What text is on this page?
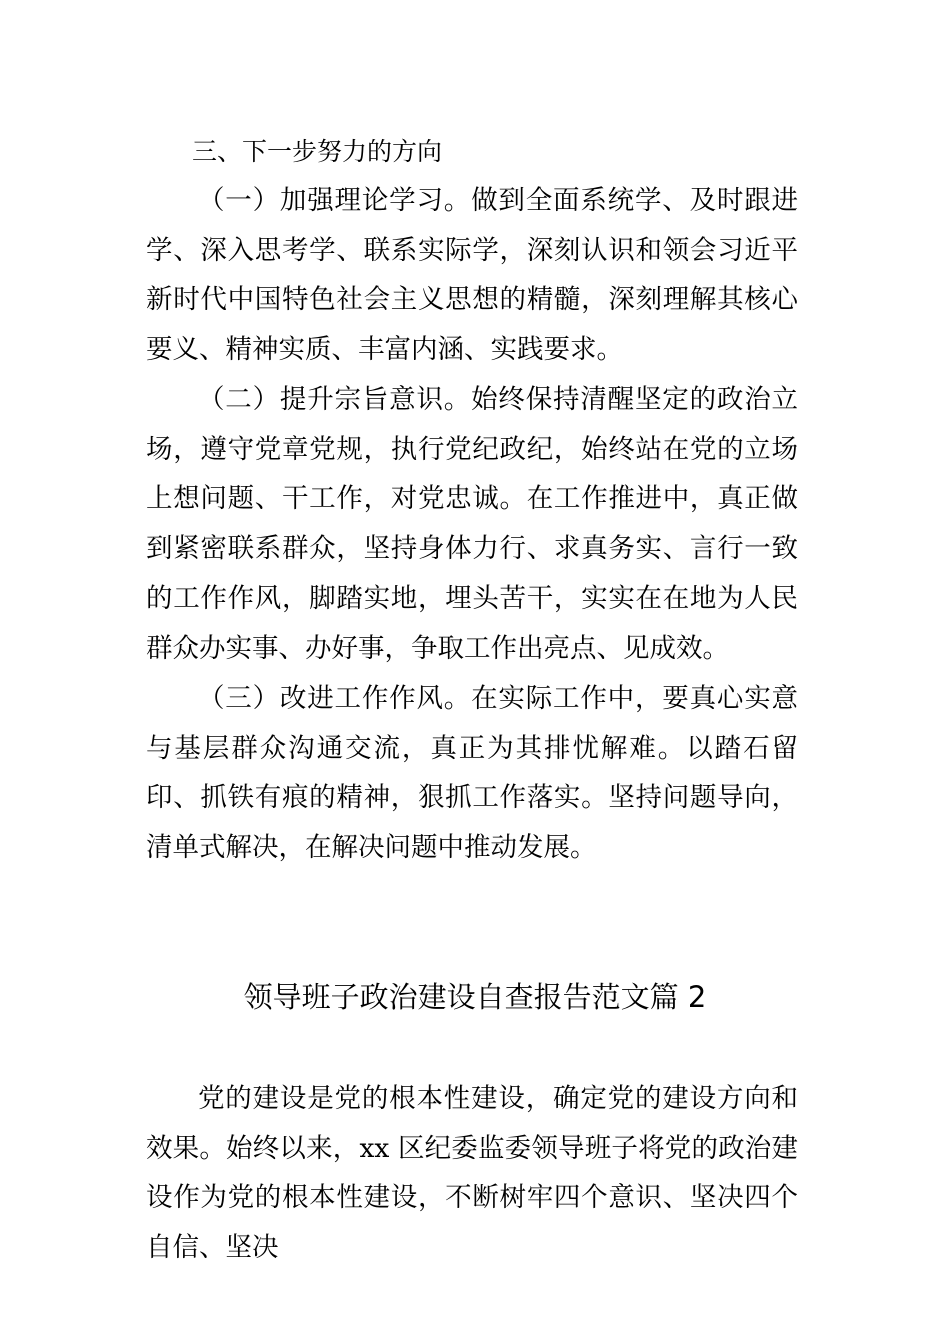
三、下一步努力的方向

（一）加强理论学习。做到全面系统学、及时跟进学、深入思考学、联系实际学，深刻认识和领会习近平新时代中国特色社会主义思想的精髓，深刻理解其核心要义、精神实质、丰富内涵、实践要求。

（二）提升宗旨意识。始终保持清醒坚定的政治立场，遵守党章党规，执行党纪政纪，始终站在党的立场上想问题、干工作，对党忠诚。在工作推进中，真正做到紧密联系群众，坚持身体力行、求真务实、言行一致的工作作风，脚踏实地，埋头苦干，实实在在地为人民群众办实事、办好事，争取工作出亮点、见成效。

（三）改进工作作风。在实际工作中，要真心实意与基层群众沟通交流，真正为其排忧解难。以踏石留印、抓铁有痕的精神，狠抓工作落实。坚持问题导向，清单式解决，在解决问题中推动发展。

领导班子政治建设自查报告范文篇 2

党的建设是党的根本性建设，确定党的建设方向和效果。始终以来，xx 区纪委监委领导班子将党的政治建设作为党的根本性建设，不断树牢四个意识、坚决四个自信、坚决
